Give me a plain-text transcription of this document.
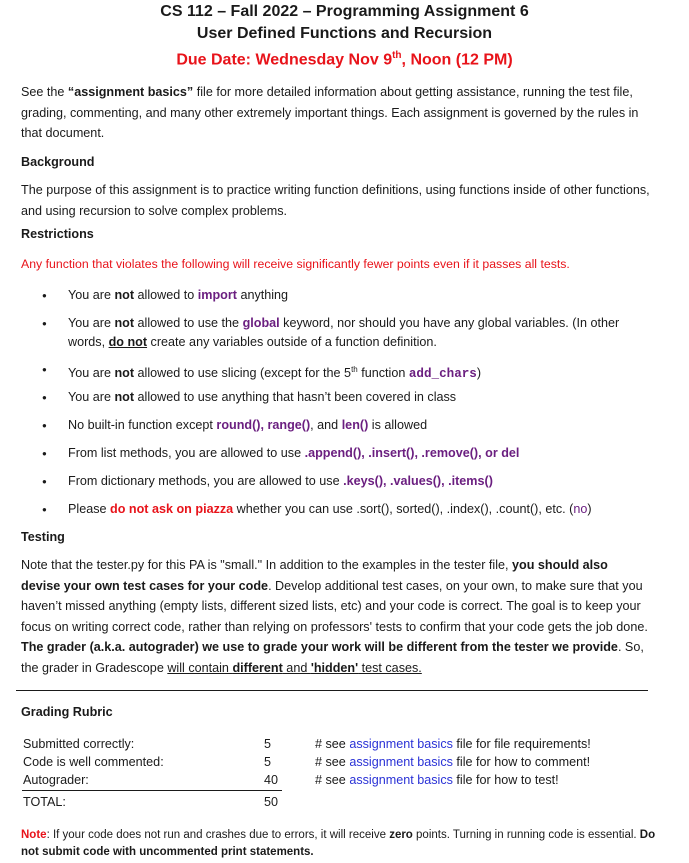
CS 112 – Fall 2022 – Programming Assignment 6
User Defined Functions and Recursion
Due Date: Wednesday Nov 9th, Noon (12 PM)
See the “assignment basics” file for more detailed information about getting assistance, running the test file, grading, commenting, and many other extremely important things. Each assignment is governed by the rules in that document.
Background
The purpose of this assignment is to practice writing function definitions, using functions inside of other functions, and using recursion to solve complex problems.
Restrictions
Any function that violates the following will receive significantly fewer points even if it passes all tests.
● You are not allowed to import anything
● You are not allowed to use the global keyword, nor should you have any global variables. (In other words, do not create any variables outside of a function definition.
● You are not allowed to use slicing (except for the 5th function add_chars)
● You are not allowed to use anything that hasn’t been covered in class
● No built-in function except round(), range(), and len() is allowed
● From list methods, you are allowed to use .append(), .insert(), .remove(), or del
● From dictionary methods, you are allowed to use .keys(), .values(), .items()
● Please do not ask on piazza whether you can use .sort(), sorted(), .index(), .count(), etc. (no)
Testing
Note that the tester.py for this PA is "small." In addition to the examples in the tester file, you should also devise your own test cases for your code. Develop additional test cases, on your own, to make sure that you haven’t missed anything (empty lists, different sized lists, etc) and your code is correct. The goal is to keep your focus on writing correct code, rather than relying on professors' tests to confirm that your code gets the job done. The grader (a.k.a. autograder) we use to grade your work will be different from the tester we provide. So, the grader in Gradescope will contain different and 'hidden' test cases.
Grading Rubric
Submitted correctly:	5	# see assignment basics file for file requirements!
Code is well commented:	5	# see assignment basics file for how to comment!
Autograder:	40	# see assignment basics file for how to test!
TOTAL:	50
Note: If your code does not run and crashes due to errors, it will receive zero points. Turning in running code is essential. Do not submit code with uncommented print statements.
